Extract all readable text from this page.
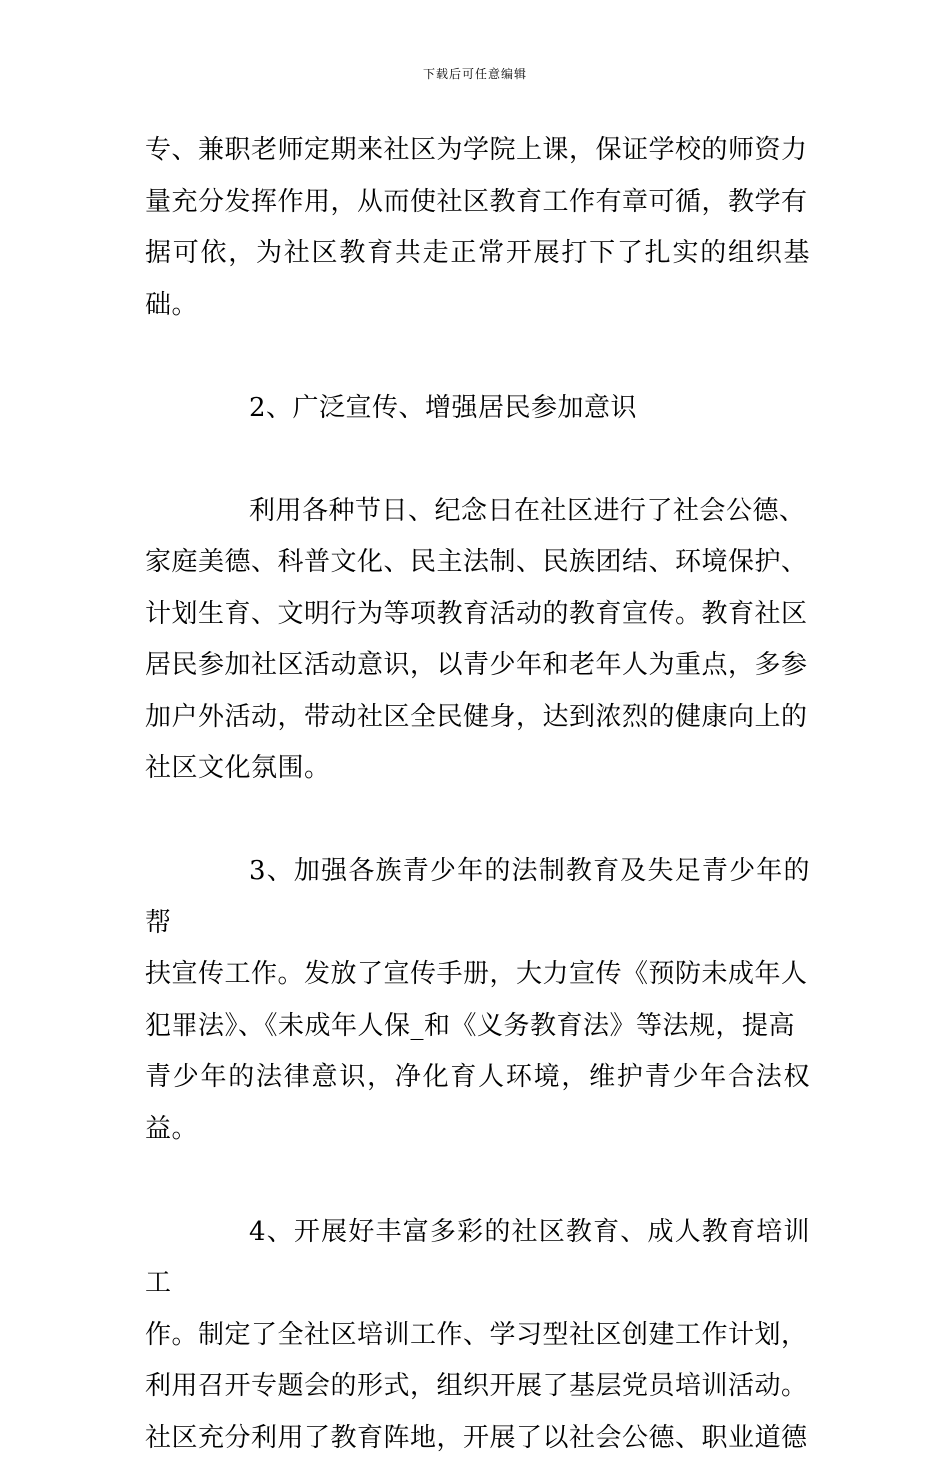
下载后可任意编辑
专、兼职老师定期来社区为学院上课，保证学校的师资力
量充分发挥作用，从而使社区教育工作有章可循，教学有
据可依，为社区教育共走正常开展打下了扎实的组织基础。
2、广泛宣传、增强居民参加意识
利用各种节日、纪念日在社区进行了社会公德、
家庭美德、科普文化、民主法制、民族团结、环境保护、
计划生育、文明行为等项教育活动的教育宣传。教育社区
居民参加社区活动意识，以青少年和老年人为重点，多参
加户外活动，带动社区全民健身，达到浓烈的健康向上的
社区文化氛围。
3、加强各族青少年的法制教育及失足青少年的帮
扶宣传工作。发放了宣传手册，大力宣传《预防未成年人
犯罪法》、《未成年人保_和《义务教育法》等法规，提高
青少年的法律意识，净化育人环境，维护青少年合法权益。
4、开展好丰富多彩的社区教育、成人教育培训工
作。制定了全社区培训工作、学习型社区创建工作计划，
利用召开专题会的形式，组织开展了基层党员培训活动。
社区充分利用了教育阵地，开展了以社会公德、职业道德
